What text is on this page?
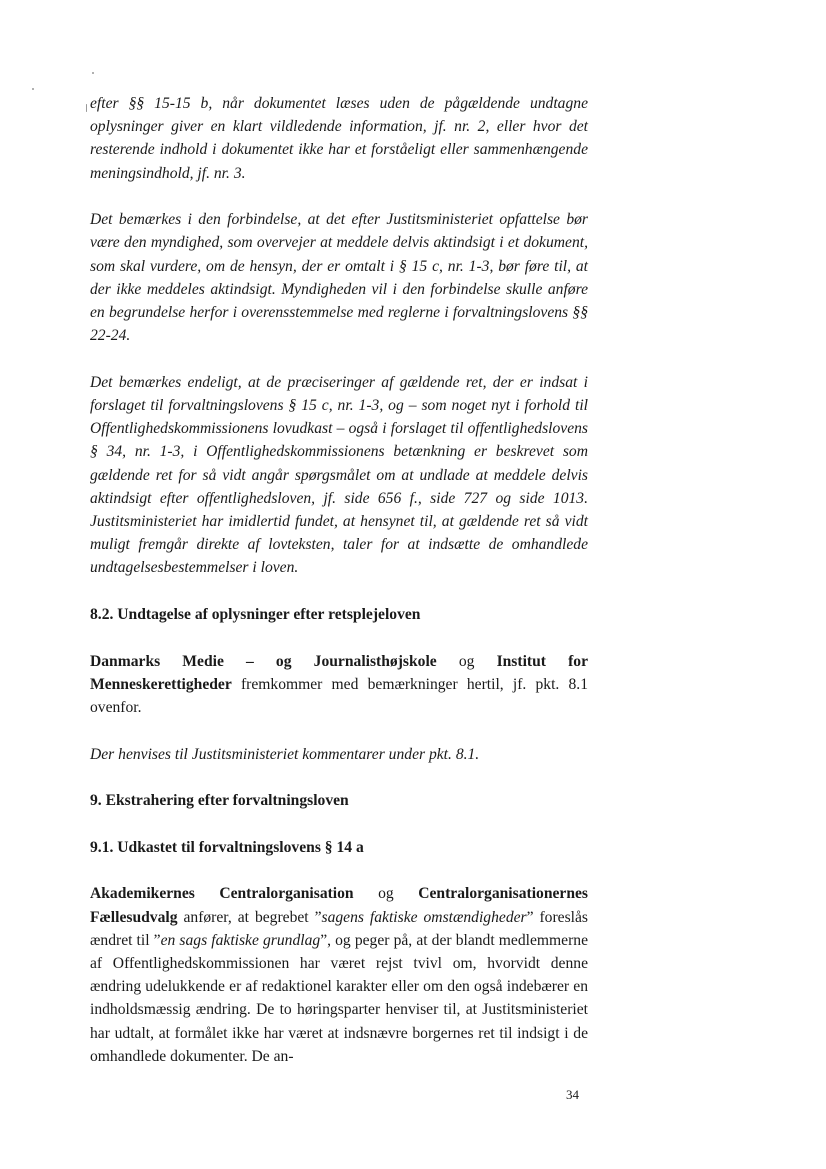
efter §§ 15-15 b, når dokumentet læses uden de pågældende undtagne oplysninger giver en klart vildledende information, jf. nr. 2, eller hvor det resterende indhold i dokumentet ikke har et forståeligt eller sammenhængende meningsindhold, jf. nr. 3.

Det bemærkes i den forbindelse, at det efter Justitsministeriet opfattelse bør være den myndighed, som overvejer at meddele delvis aktindsigt i et dokument, som skal vurdere, om de hensyn, der er omtalt i § 15 c, nr. 1-3, bør føre til, at der ikke meddeles aktindsigt. Myndigheden vil i den forbindelse skulle anføre en begrundelse herfor i overensstemmelse med reglerne i forvaltningslovens §§ 22-24.

Det bemærkes endeligt, at de præciseringer af gældende ret, der er indsat i forslaget til forvaltningslovens § 15 c, nr. 1-3, og – som noget nyt i forhold til Offentlighedskommissionens lovudkast – også i forslaget til offentlighedslovens § 34, nr. 1-3, i Offentlighedskommissionens betænkning er beskrevet som gældende ret for så vidt angår spørgsmålet om at undlade at meddele delvis aktindsigt efter offentlighedsloven, jf. side 656 f., side 727 og side 1013. Justitsministeriet har imidlertid fundet, at hensynet til, at gældende ret så vidt muligt fremgår direkte af lovteksten, taler for at indsætte de omhandlede undtagelsesbestemmelser i loven.

8.2. Undtagelse af oplysninger efter retsplejeloven

Danmarks Medie – og Journalisthøjskole og Institut for Menneskerettigheder fremkommer med bemærkninger hertil, jf. pkt. 8.1 ovenfor.

Der henvises til Justitsministeriet kommentarer under pkt. 8.1.

9. Ekstrahering efter forvaltningsloven

9.1. Udkastet til forvaltningslovens § 14 a

Akademikernes Centralorganisation og Centralorganisationernes Fællesudvalg anfører, at begrebet ”sagens faktiske omstændigheder” foreslås ændret til ”en sags faktiske grundlag”, og peger på, at der blandt medlemmerne af Offentlighedskommissionen har været rejst tvivl om, hvorvidt denne ændring udelukkende er af redaktionel karakter eller om den også indebærer en indholdsmæssig ændring. De to høringsparter henviser til, at Justitsministeriet har udtalt, at formålet ikke har været at indsnævre borgernes ret til indsigt i de omhandlede dokumenter. De an-

34
